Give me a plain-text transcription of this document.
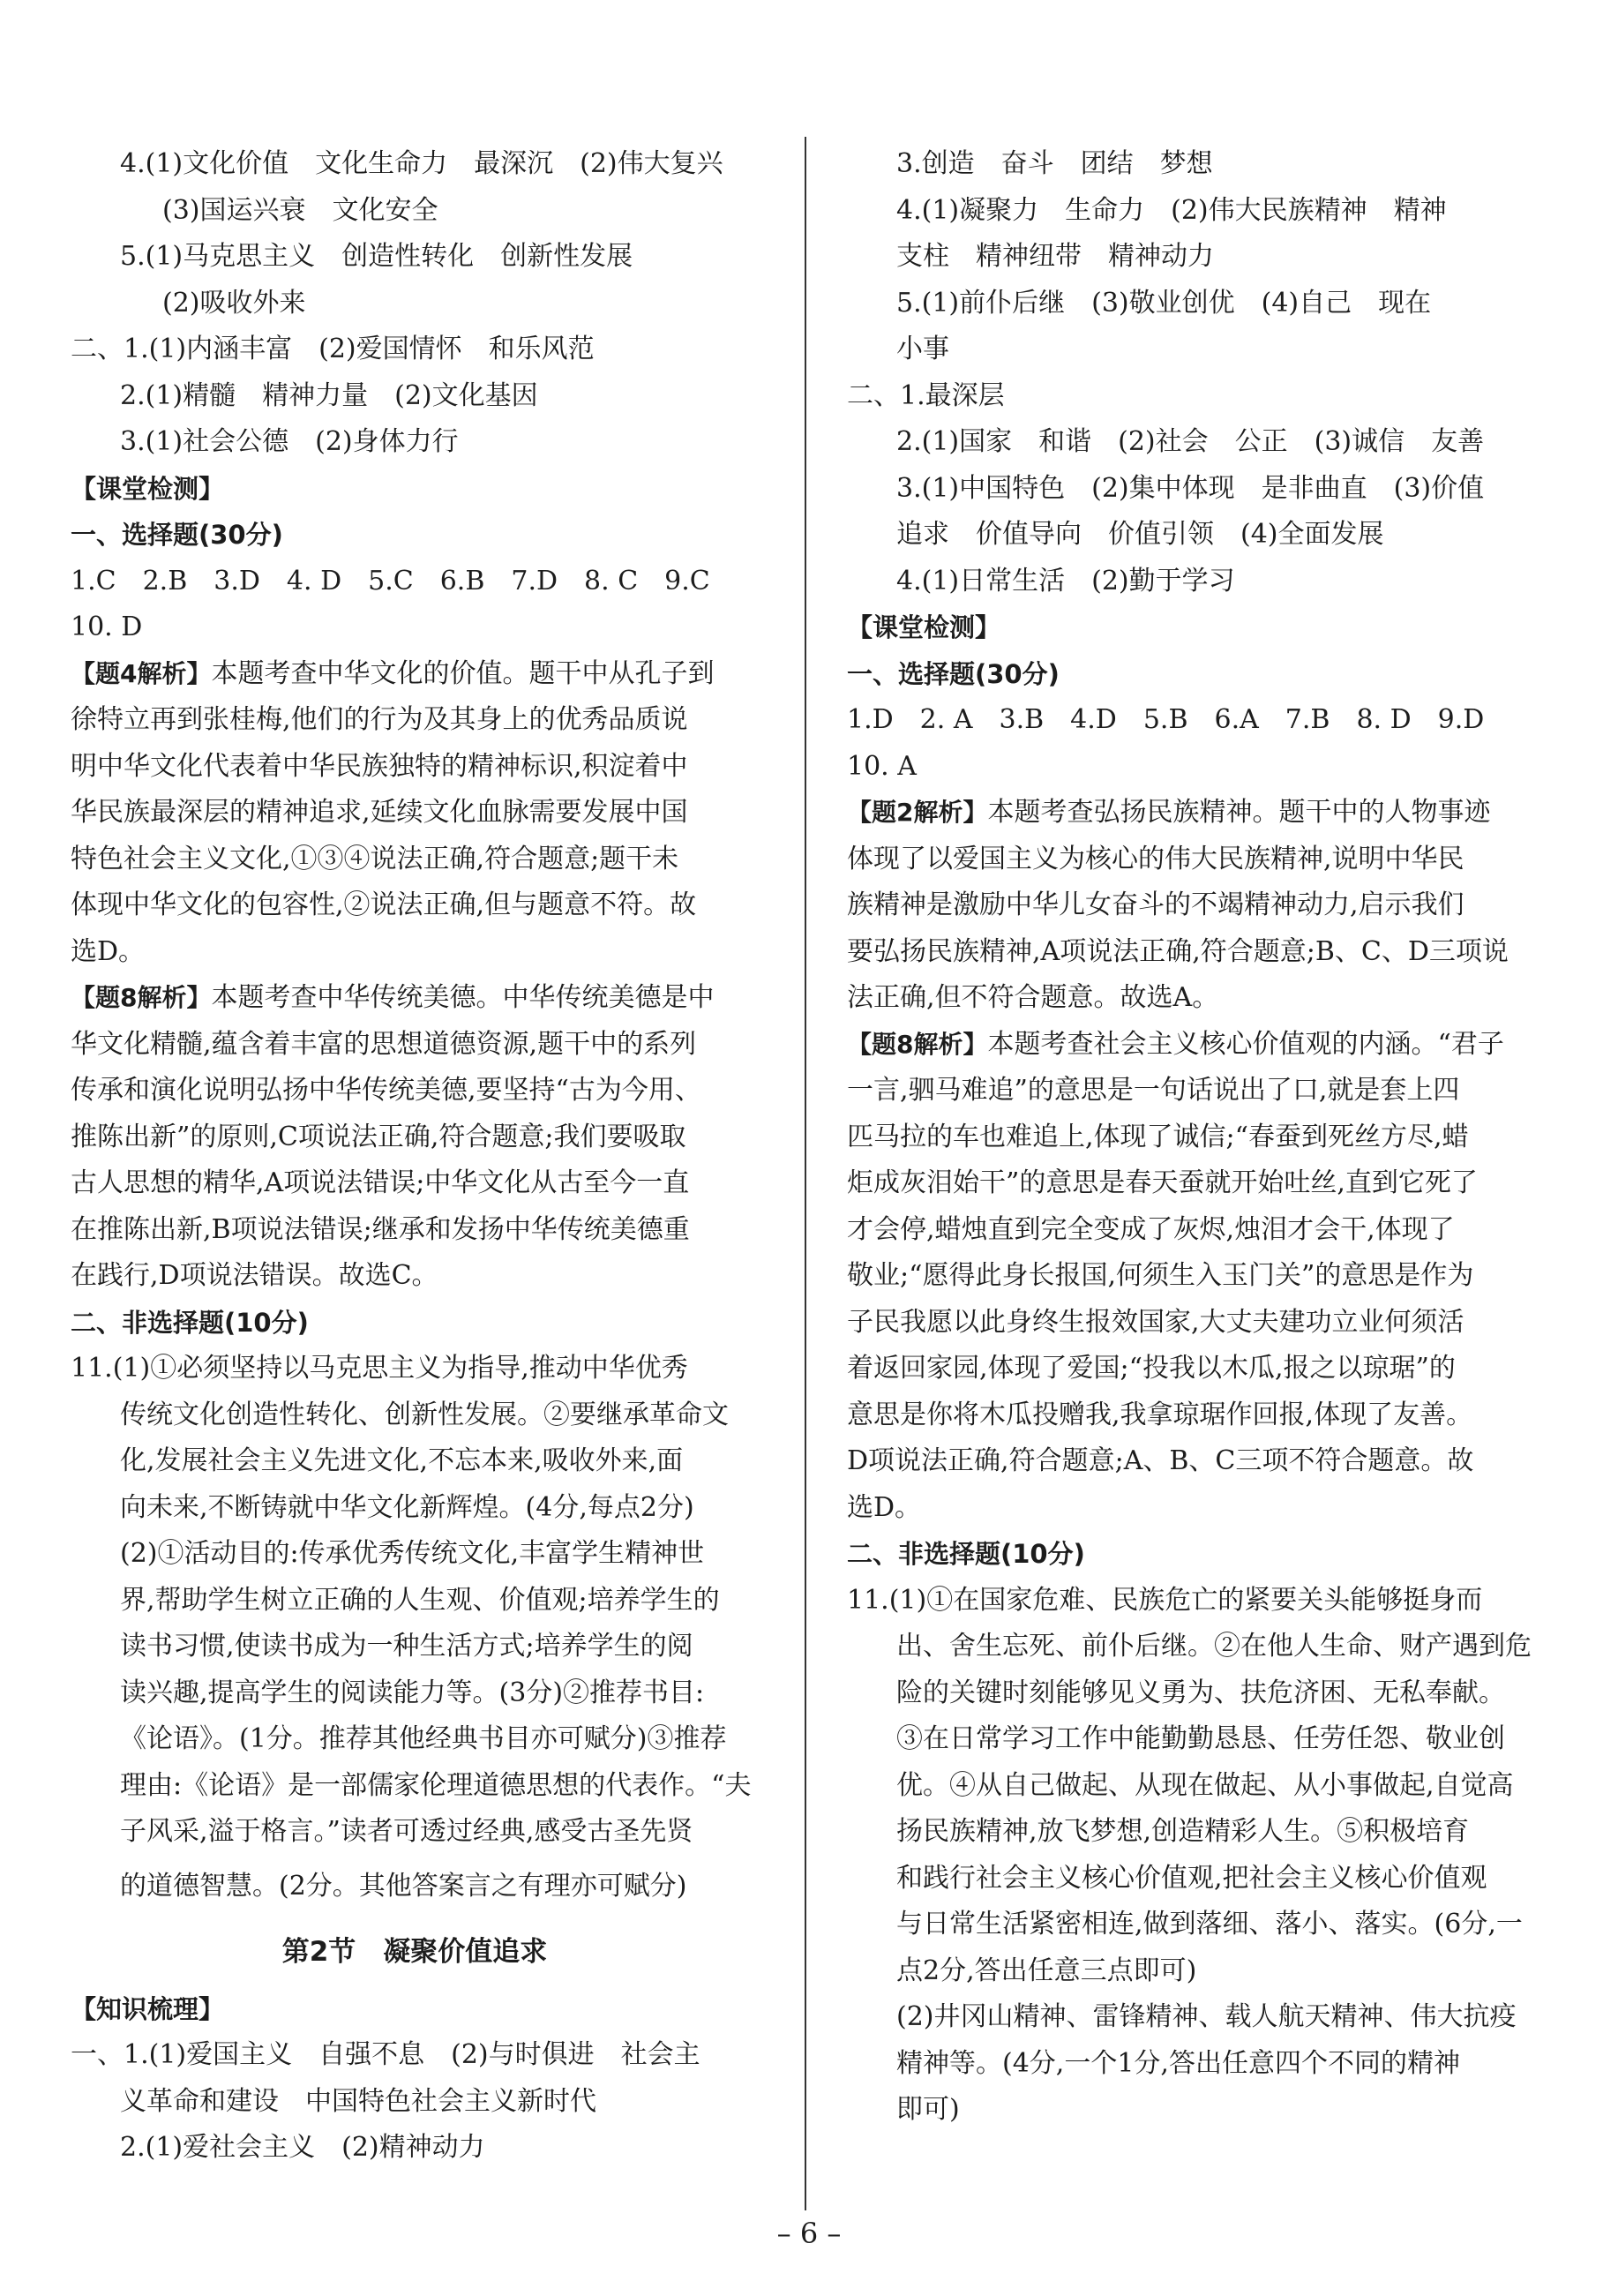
4.(1)文化价值　文化生命力　最深沉　(2)伟大复兴
(3)国运兴衰　文化安全
5.(1)马克思主义　创造性转化　创新性发展
(2)吸收外来
二、1.(1)内涵丰富　(2)爱国情怀　和乐风范
2.(1)精髓　精神力量　(2)文化基因
3.(1)社会公德　(2)身体力行
【课堂检测】
一、选择题(30分)
1.C　2.B　3.D　4. D　5.C　6.B　7.D　8. C　9.C
10. D
【题4解析】本题考查中华文化的价值。题干中从孔子到
徐特立再到张桂梅,他们的行为及其身上的优秀品质说
明中华文化代表着中华民族独特的精神标识,积淀着中
华民族最深层的精神追求,延续文化血脉需要发展中国
特色社会主义文化,①③④说法正确,符合题意;题干未
体现中华文化的包容性,②说法正确,但与题意不符。故
选D。
【题8解析】本题考查中华传统美德。中华传统美德是中
华文化精髓,蕴含着丰富的思想道德资源,题干中的系列
传承和演化说明弘扬中华传统美德,要坚持“古为今用、
推陈出新”的原则,C项说法正确,符合题意;我们要吸取
古人思想的精华,A项说法错误;中华文化从古至今一直
在推陈出新,B项说法错误;继承和发扬中华传统美德重
在践行,D项说法错误。故选C。
二、非选择题(10分)
11.(1)①必须坚持以马克思主义为指导,推动中华优秀
传统文化创造性转化、创新性发展。②要继承革命文
化,发展社会主义先进文化,不忘本来,吸收外来,面
向未来,不断铸就中华文化新辉煌。(4分,每点2分)
(2)①活动目的:传承优秀传统文化,丰富学生精神世
界,帮助学生树立正确的人生观、价值观;培养学生的
读书习惯,使读书成为一种生活方式;培养学生的阅
读兴趣,提高学生的阅读能力等。(3分)②推荐书目:
《论语》。(1分。推荐其他经典书目亦可赋分)③推荐
理由:《论语》是一部儒家伦理道德思想的代表作。“夫
子风采,溢于格言。”读者可透过经典,感受古圣先贤
的道德智慧。(2分。其他答案言之有理亦可赋分)
第2节　凝聚价值追求
【知识梳理】
一、1.(1)爱国主义　自强不息　(2)与时俱进　社会主
义革命和建设　中国特色社会主义新时代
2.(1)爱社会主义　(2)精神动力
3.创造　奋斗　团结　梦想
4.(1)凝聚力　生命力　(2)伟大民族精神　精神
支柱　精神纽带　精神动力
5.(1)前仆后继　(3)敬业创优　(4)自己　现在
小事
二、1.最深层
2.(1)国家　和谐　(2)社会　公正　(3)诚信　友善
3.(1)中国特色　(2)集中体现　是非曲直　(3)价值
追求　价值导向　价值引领　(4)全面发展
4.(1)日常生活　(2)勤于学习
【课堂检测】
一、选择题(30分)
1.D　2. A　3.B　4.D　5.B　6.A　7.B　8. D　9.D
10. A
【题2解析】本题考查弘扬民族精神。题干中的人物事迹
体现了以爱国主义为核心的伟大民族精神,说明中华民
族精神是激励中华儿女奋斗的不竭精神动力,启示我们
要弘扬民族精神,A项说法正确,符合题意;B、C、D三项说
法正确,但不符合题意。故选A。
【题8解析】本题考查社会主义核心价值观的内涵。“君子
一言,驷马难追”的意思是一句话说出了口,就是套上四
匹马拉的车也难追上,体现了诚信;“春蚕到死丝方尽,蜡
炬成灰泪始干”的意思是春天蚕就开始吐丝,直到它死了
才会停,蜡烛直到完全变成了灰烬,烛泪才会干,体现了
敬业;“愿得此身长报国,何须生入玉门关”的意思是作为
子民我愿以此身终生报效国家,大丈夫建功立业何须活
着返回家园,体现了爱国;“投我以木瓜,报之以琼琚”的
意思是你将木瓜投赠我,我拿琼琚作回报,体现了友善。
D项说法正确,符合题意;A、B、C三项不符合题意。故
选D。
二、非选择题(10分)
11.(1)①在国家危难、民族危亡的紧要关头能够挺身而
出、舍生忘死、前仆后继。②在他人生命、财产遇到危
险的关键时刻能够见义勇为、扶危济困、无私奉献。
③在日常学习工作中能勤勤恳恳、任劳任怨、敬业创
优。④从自己做起、从现在做起、从小事做起,自觉高
扬民族精神,放飞梦想,创造精彩人生。⑤积极培育
和践行社会主义核心价值观,把社会主义核心价值观
与日常生活紧密相连,做到落细、落小、落实。(6分,一
点2分,答出任意三点即可)
(2)井冈山精神、雷锋精神、载人航天精神、伟大抗疫
精神等。(4分,一个1分,答出任意四个不同的精神
即可)
– 6 –
